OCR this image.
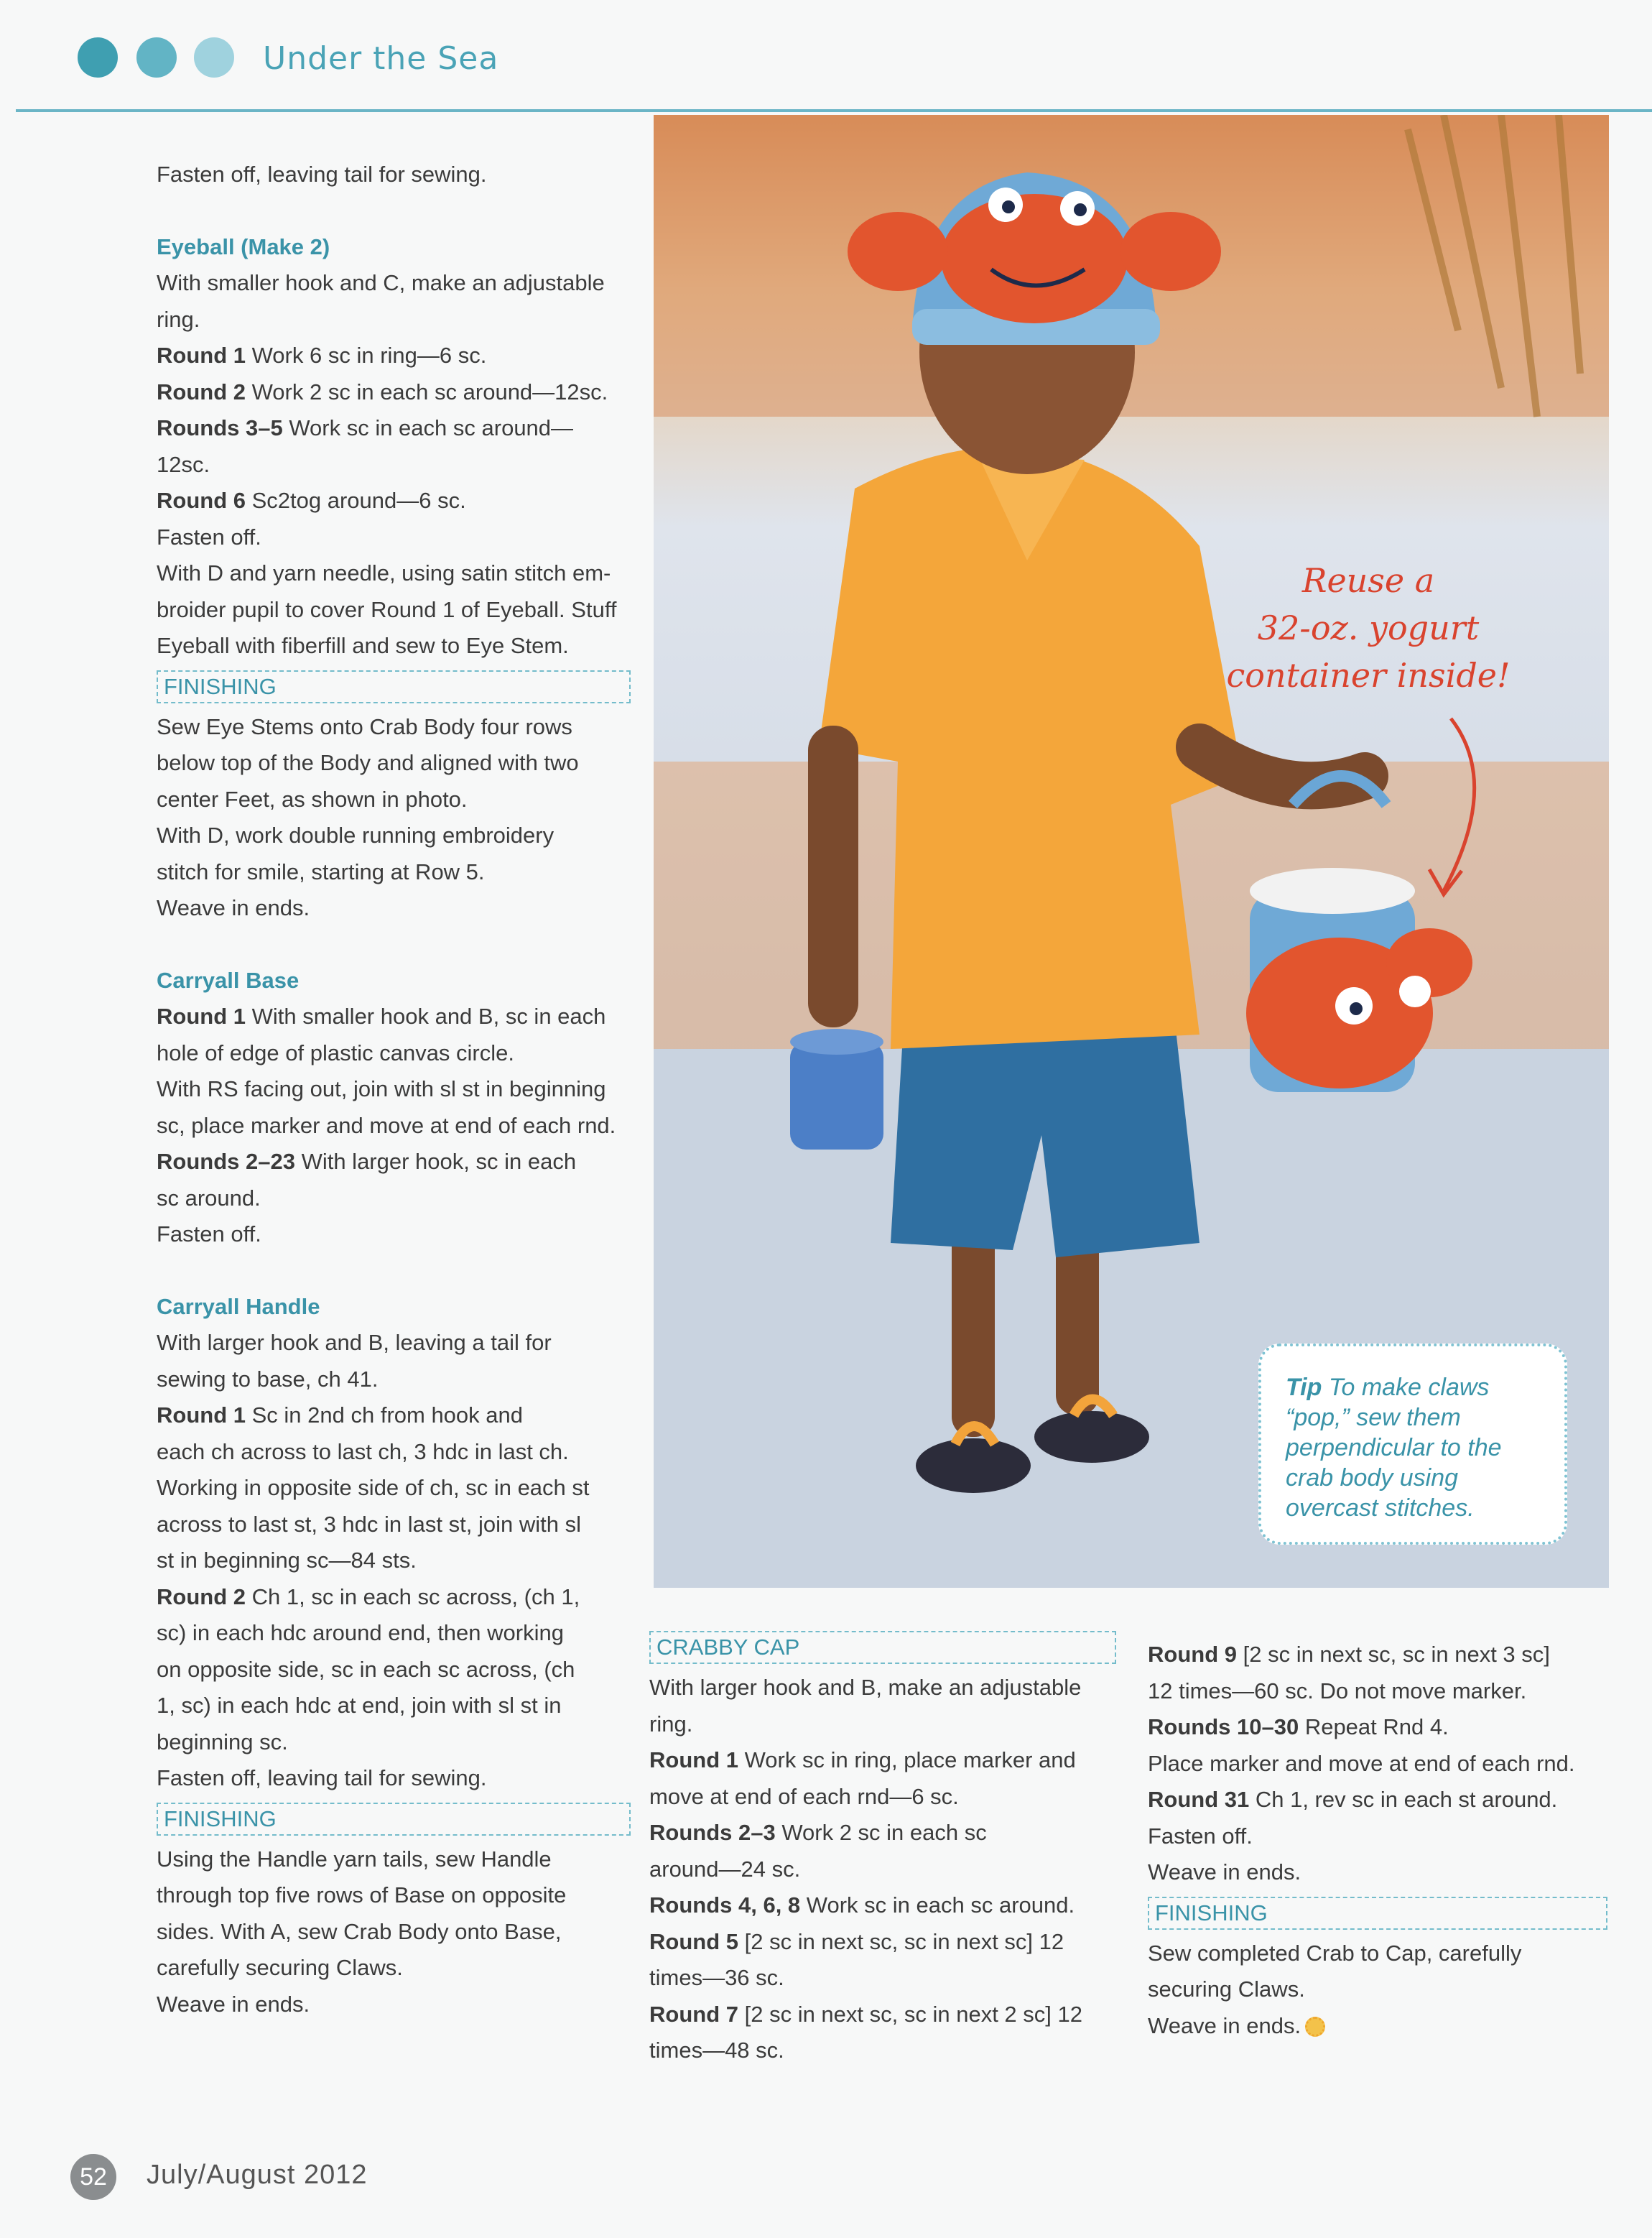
Under the Sea

Fasten off, leaving tail for sewing.

Eyeball (Make 2)

With smaller hook and C, make an adjustable

ring.

Round 1 Work 6 sc in ring—6 sc.

Round 2 Work 2 sc in each sc around—12sc.

Rounds 3–5 Work sc in each sc around—

12sc.

Round 6 Sc2tog around—6 sc.

Fasten off.

With D and yarn needle, using satin stitch em-

broider pupil to cover Round 1 of Eyeball. Stuff

Eyeball with fiberfill and sew to Eye Stem.

FINISHING

Sew Eye Stems onto Crab Body four rows

below top of the Body and aligned with two

center Feet, as shown in photo.

With D, work double running embroidery

stitch for smile, starting at Row 5.

Weave in ends.

Carryall Base

Round 1 With smaller hook and B, sc in each

hole of edge of plastic canvas circle.

With RS facing out, join with sl st in beginning

sc, place marker and move at end of each rnd.

Rounds 2–23 With larger hook, sc in each

sc around.

Fasten off.

Carryall Handle

With larger hook and B, leaving a tail for

sewing to base, ch 41.

Round 1 Sc in 2nd ch from hook and

each ch across to last ch, 3 hdc in last ch.

Working in opposite side of ch, sc in each st

across to last st, 3 hdc in last st, join with sl

st in beginning sc—84 sts.

Round 2 Ch 1, sc in each sc across, (ch 1,

sc) in each hdc around end, then working

on opposite side, sc in each sc across, (ch

1, sc) in each hdc at end, join with sl st in

beginning sc.

Fasten off, leaving tail for sewing.

FINISHING

Using the Handle yarn tails, sew Handle

through top five rows of Base on opposite

sides. With A, sew Crab Body onto Base,

carefully securing Claws.

Weave in ends.

Reuse a
32-oz. yogurt
container inside!
Tip To make claws “pop,” sew them perpendicular to the crab body using overcast stitches.
CRABBY CAP

With larger hook and B, make an adjustable

ring.

Round 1 Work sc in ring, place marker and

move at end of each rnd—6 sc.

Rounds 2–3 Work 2 sc in each sc

around—24 sc.

Rounds 4, 6, 8 Work sc in each sc around.

Round 5 [2 sc in next sc, sc in next sc] 12

times—36 sc.

Round 7 [2 sc in next sc, sc in next 2 sc] 12

times—48 sc.

Round 9 [2 sc in next sc, sc in next 3 sc]

12 times—60 sc. Do not move marker.

Rounds 10–30 Repeat Rnd 4.

Place marker and move at end of each rnd.

Round 31 Ch 1, rev sc in each st around.

Fasten off.

Weave in ends.

FINISHING

Sew completed Crab to Cap, carefully

securing Claws.

Weave in ends.

52	July/August 2012
